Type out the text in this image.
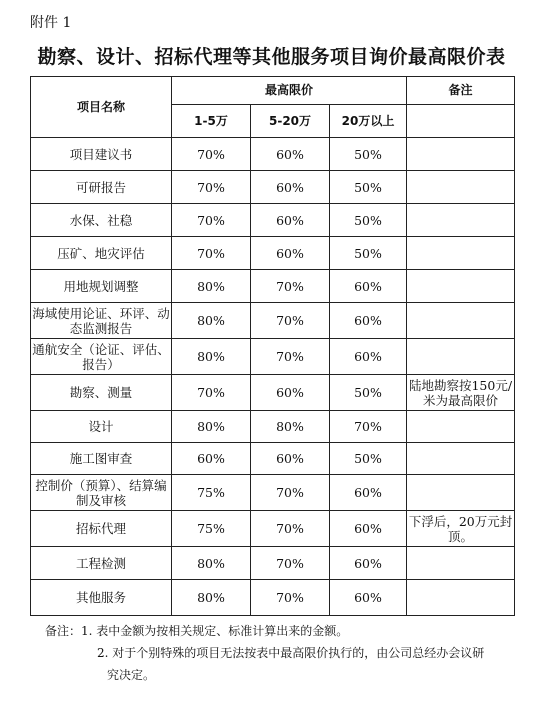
附件 1
勘察、设计、招标代理等其他服务项目询价最高限价表
项目名称	最高限价			备注
	1-5万	5-20万	20万以上	
项目建议书	70%	60%	50%	
可研报告	70%	60%	50%	
水保、社稳	70%	60%	50%	
压矿、地灾评估	70%	60%	50%	
用地规划调整	80%	70%	60%	
海域使用论证、环评、动态监测报告	80%	70%	60%	
通航安全（论证、评估、报告）	80%	70%	60%	
勘察、测量	70%	60%	50%	陆地勘察按150元/米为最高限价
设计	80%	80%	70%	
施工图审查	60%	60%	50%	
控制价（预算）、结算编制及审核	75%	70%	60%	
招标代理	75%	70%	60%	下浮后，20万元封顶。
工程检测	80%	70%	60%	
其他服务	80%	70%	60%	
备注：1. 表中金额为按相关规定、标准计算出来的金额。
2. 对于个别特殊的项目无法按表中最高限价执行的，由公司总经办会议研
究决定。
